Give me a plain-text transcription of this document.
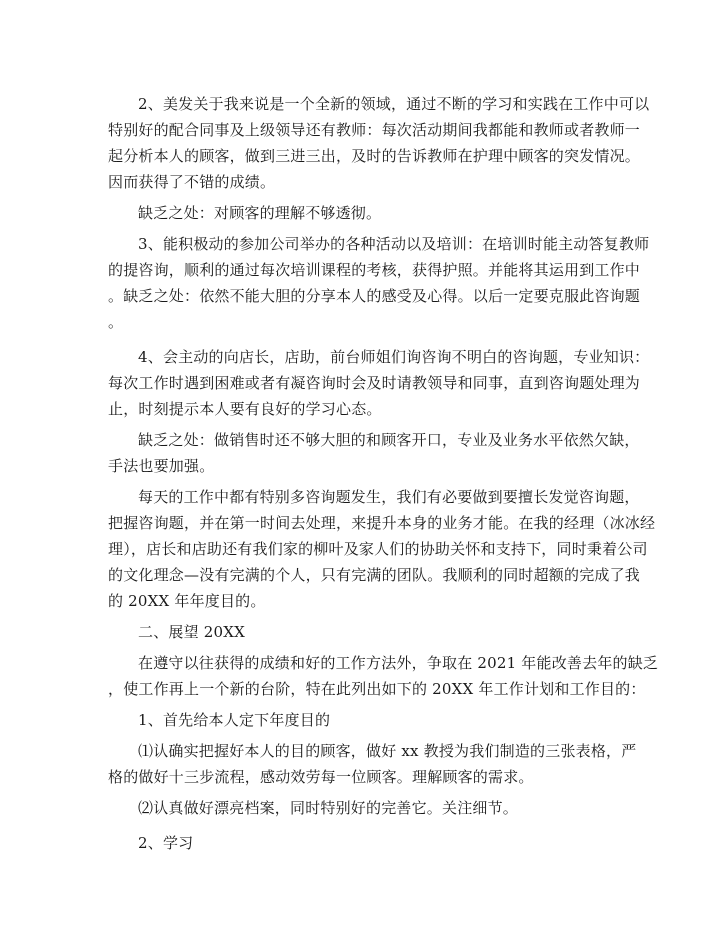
2、美发关于我来说是一个全新的领域，通过不断的学习和实践在工作中可以
特别好的配合同事及上级领导还有教师：每次活动期间我都能和教师或者教师一
起分析本人的顾客，做到三进三出，及时的告诉教师在护理中顾客的突发情况。
因而获得了不错的成绩。

缺乏之处：对顾客的理解不够透彻。

3、能积极动的参加公司举办的各种活动以及培训：在培训时能主动答复教师
的提咨询，顺利的通过每次培训课程的考核，获得护照。并能将其运用到工作中
。缺乏之处：依然不能大胆的分享本人的感受及心得。以后一定要克服此咨询题
。

4、会主动的向店长，店助，前台师姐们询咨询不明白的咨询题，专业知识：
每次工作时遇到困难或者有凝咨询时会及时请教领导和同事，直到咨询题处理为
止，时刻提示本人要有良好的学习心态。

缺乏之处：做销售时还不够大胆的和顾客开口，专业及业务水平依然欠缺，
手法也要加强。

每天的工作中都有特别多咨询题发生，我们有必要做到要擅长发觉咨询题，
把握咨询题，并在第一时间去处理，来提升本身的业务才能。在我的经理（冰冰经
理），店长和店助还有我们家的柳叶及家人们的协助关怀和支持下，同时秉着公司
的文化理念—没有完满的个人，只有完满的团队。我顺利的同时超额的完成了我
的 20XX 年年度目的。

二、展望 20XX

在遵守以往获得的成绩和好的工作方法外，争取在 2021 年能改善去年的缺乏
，使工作再上一个新的台阶，特在此列出如下的 20XX 年工作计划和工作目的：

1、首先给本人定下年度目的

⑴认确实把握好本人的目的顾客，做好 xx 教授为我们制造的三张表格，严
格的做好十三步流程，感动效劳每一位顾客。理解顾客的需求。

⑵认真做好漂亮档案，同时特别好的完善它。关注细节。

2、学习
